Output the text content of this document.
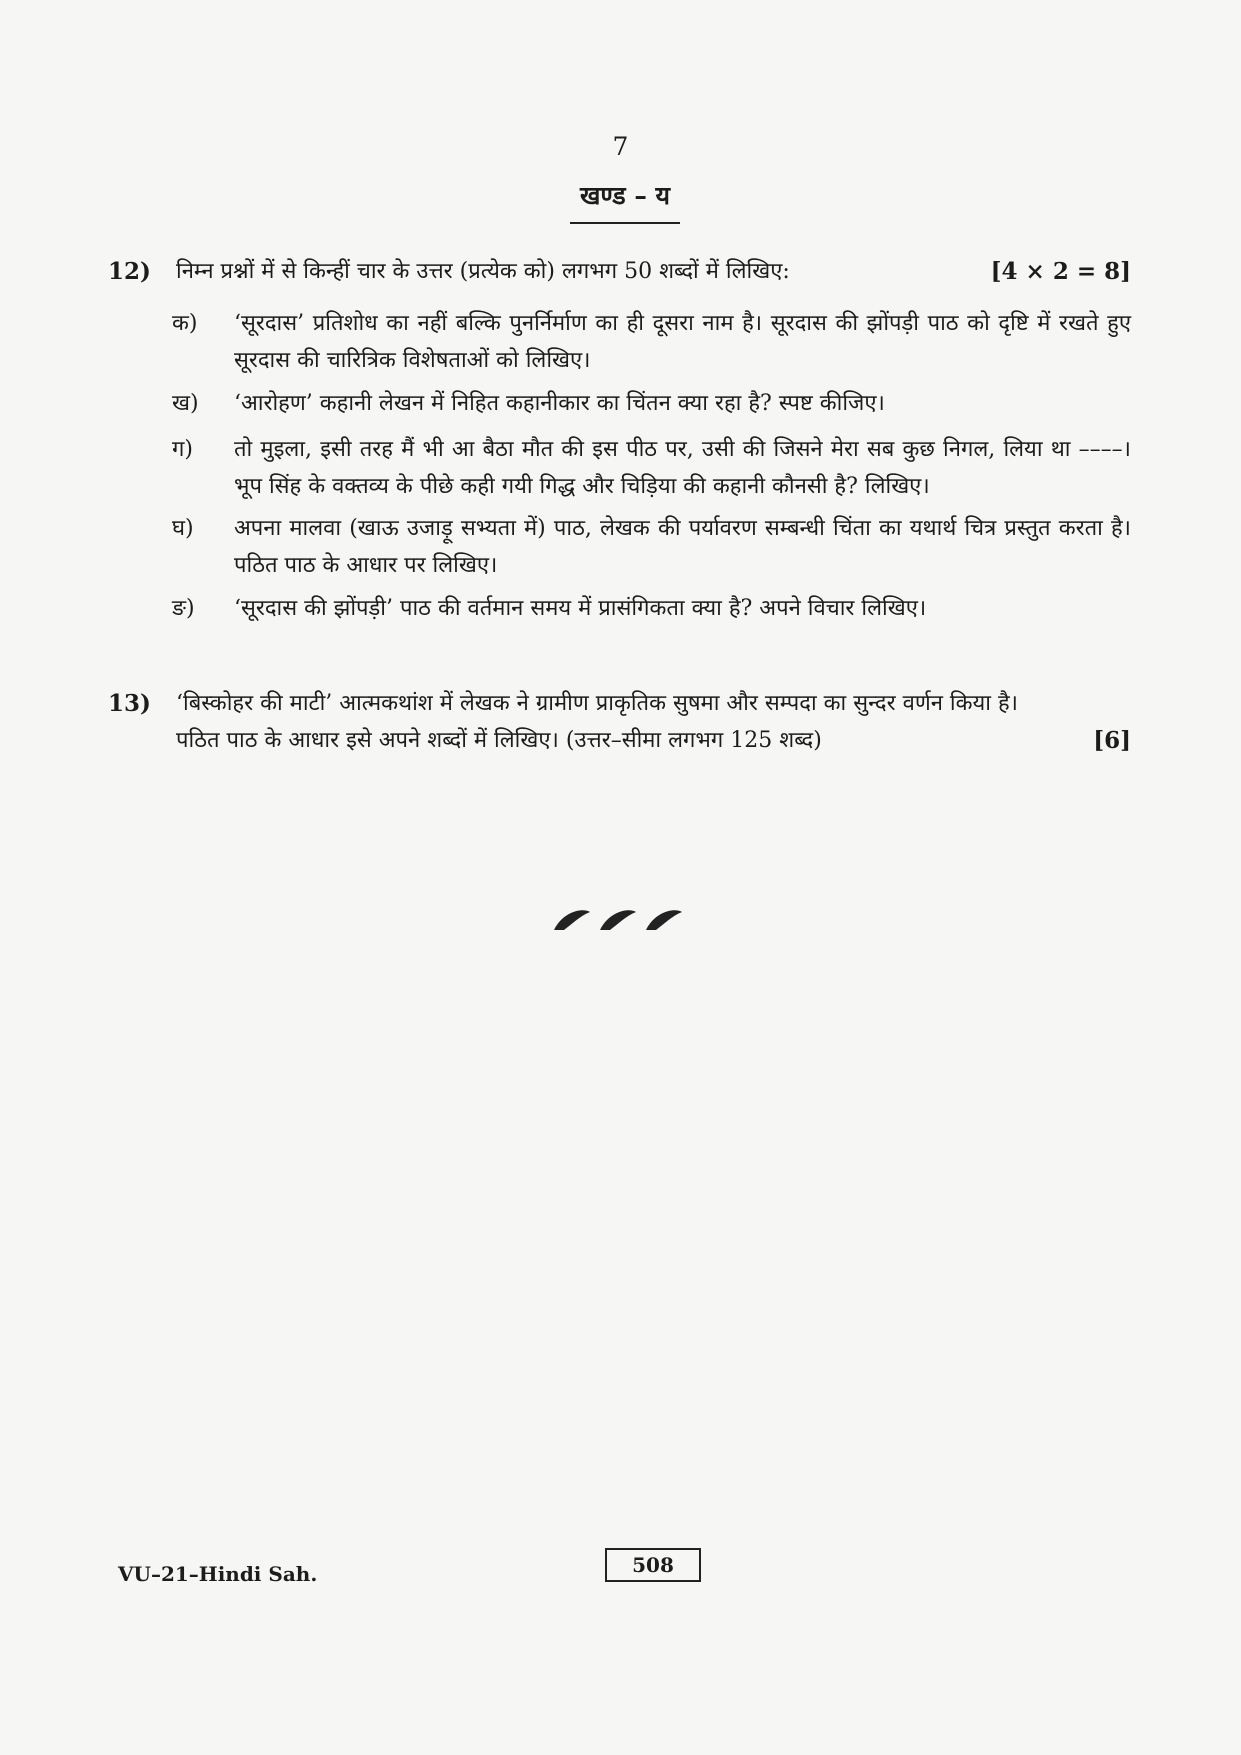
7
खण्ड – य
12) निम्न प्रश्नों में से किन्हीं चार के उत्तर (प्रत्येक को) लगभग 50 शब्दों में लिखिए:	[4 × 2 = 8]
क) ‘सूरदास’ प्रतिशोध का नहीं बल्कि पुनर्निर्माण का ही दूसरा नाम है। सूरदास की झोंपड़ी पाठ को दृष्टि में रखते हुए सूरदास की चारित्रिक विशेषताओं को लिखिए।
ख) ‘आरोहण’ कहानी लेखन में निहित कहानीकार का चिंतन क्या रहा है? स्पष्ट कीजिए।
ग) तो मुइला, इसी तरह मैं भी आ बैठा मौत की इस पीठ पर, उसी की जिसने मेरा सब कुछ निगल, लिया था ––––। भूप सिंह के वक्तव्य के पीछे कही गयी गिद्ध और चिड़िया की कहानी कौनसी है? लिखिए।
घ) अपना मालवा (खाऊ उजाड़ू सभ्यता में) पाठ, लेखक की पर्यावरण सम्बन्धी चिंता का यथार्थ चित्र प्रस्तुत करता है। पठित पाठ के आधार पर लिखिए।
ङ) ‘सूरदास की झोंपड़ी’ पाठ की वर्तमान समय में प्रासंगिकता क्या है? अपने विचार लिखिए।
13) ‘बिस्कोहर की माटी’ आत्मकथांश में लेखक ने ग्रामीण प्राकृतिक सुषमा और सम्पदा का सुन्दर वर्णन किया है। पठित पाठ के आधार इसे अपने शब्दों में लिखिए। (उत्तर–सीमा लगभग 125 शब्द)	[6]
VU–21–Hindi Sah.	508
